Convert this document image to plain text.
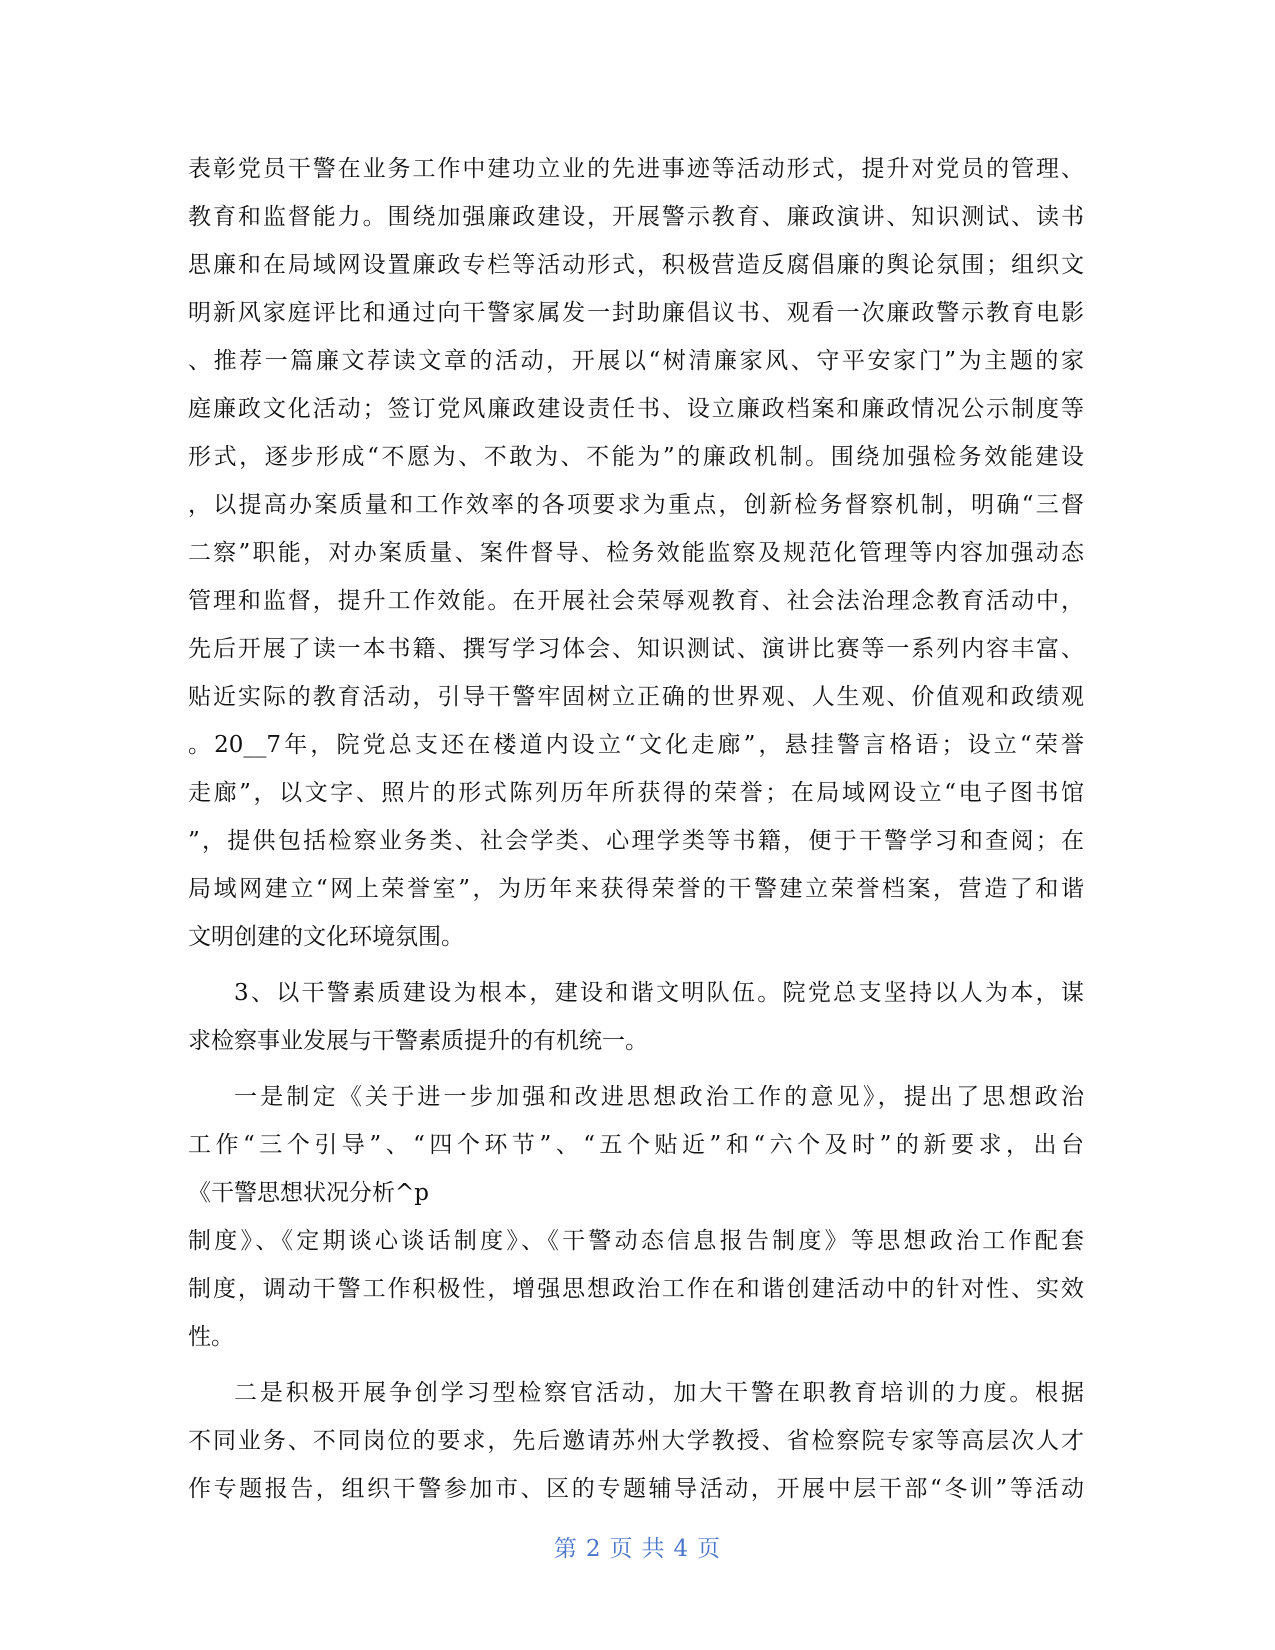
表彰党员干警在业务工作中建功立业的先进事迹等活动形式，提升对党员的管理、
教育和监督能力。围绕加强廉政建设，开展警示教育、廉政演讲、知识测试、读书
思廉和在局域网设置廉政专栏等活动形式，积极营造反腐倡廉的舆论氛围；组织文
明新风家庭评比和通过向干警家属发一封助廉倡议书、观看一次廉政警示教育电影
、推荐一篇廉文荐读文章的活动，开展以“树清廉家风、守平安家门”为主题的家
庭廉政文化活动；签订党风廉政建设责任书、设立廉政档案和廉政情况公示制度等
形式，逐步形成“不愿为、不敢为、不能为”的廉政机制。围绕加强检务效能建设
，以提高办案质量和工作效率的各项要求为重点，创新检务督察机制，明确“三督
二察”职能，对办案质量、案件督导、检务效能监察及规范化管理等内容加强动态
管理和监督，提升工作效能。在开展社会荣辱观教育、社会法治理念教育活动中，
先后开展了读一本书籍、撰写学习体会、知识测试、演讲比赛等一系列内容丰富、
贴近实际的教育活动，引导干警牢固树立正确的世界观、人生观、价值观和政绩观
。20__7年，院党总支还在楼道内设立“文化走廊”，悬挂警言格语；设立“荣誉
走廊”，以文字、照片的形式陈列历年所获得的荣誉；在局域网设立“电子图书馆
”，提供包括检察业务类、社会学类、心理学类等书籍，便于干警学习和查阅；在
局域网建立“网上荣誉室”，为历年来获得荣誉的干警建立荣誉档案，营造了和谐
文明创建的文化环境氛围。
3、以干警素质建设为根本，建设和谐文明队伍。院党总支坚持以人为本，谋
求检察事业发展与干警素质提升的有机统一。
一是制定《关于进一步加强和改进思想政治工作的意见》，提出了思想政治
工作“三个引导”、“四个环节”、“五个贴近”和“六个及时”的新要求，出台
《干警思想状况分析^p
制度》、《定期谈心谈话制度》、《干警动态信息报告制度》等思想政治工作配套
制度，调动干警工作积极性，增强思想政治工作在和谐创建活动中的针对性、实效
性。
二是积极开展争创学习型检察官活动，加大干警在职教育培训的力度。根据
不同业务、不同岗位的要求，先后邀请苏州大学教授、省检察院专家等高层次人才
作专题报告，组织干警参加市、区的专题辅导活动，开展中层干部“冬训”等活动
第 2 页 共 4 页
